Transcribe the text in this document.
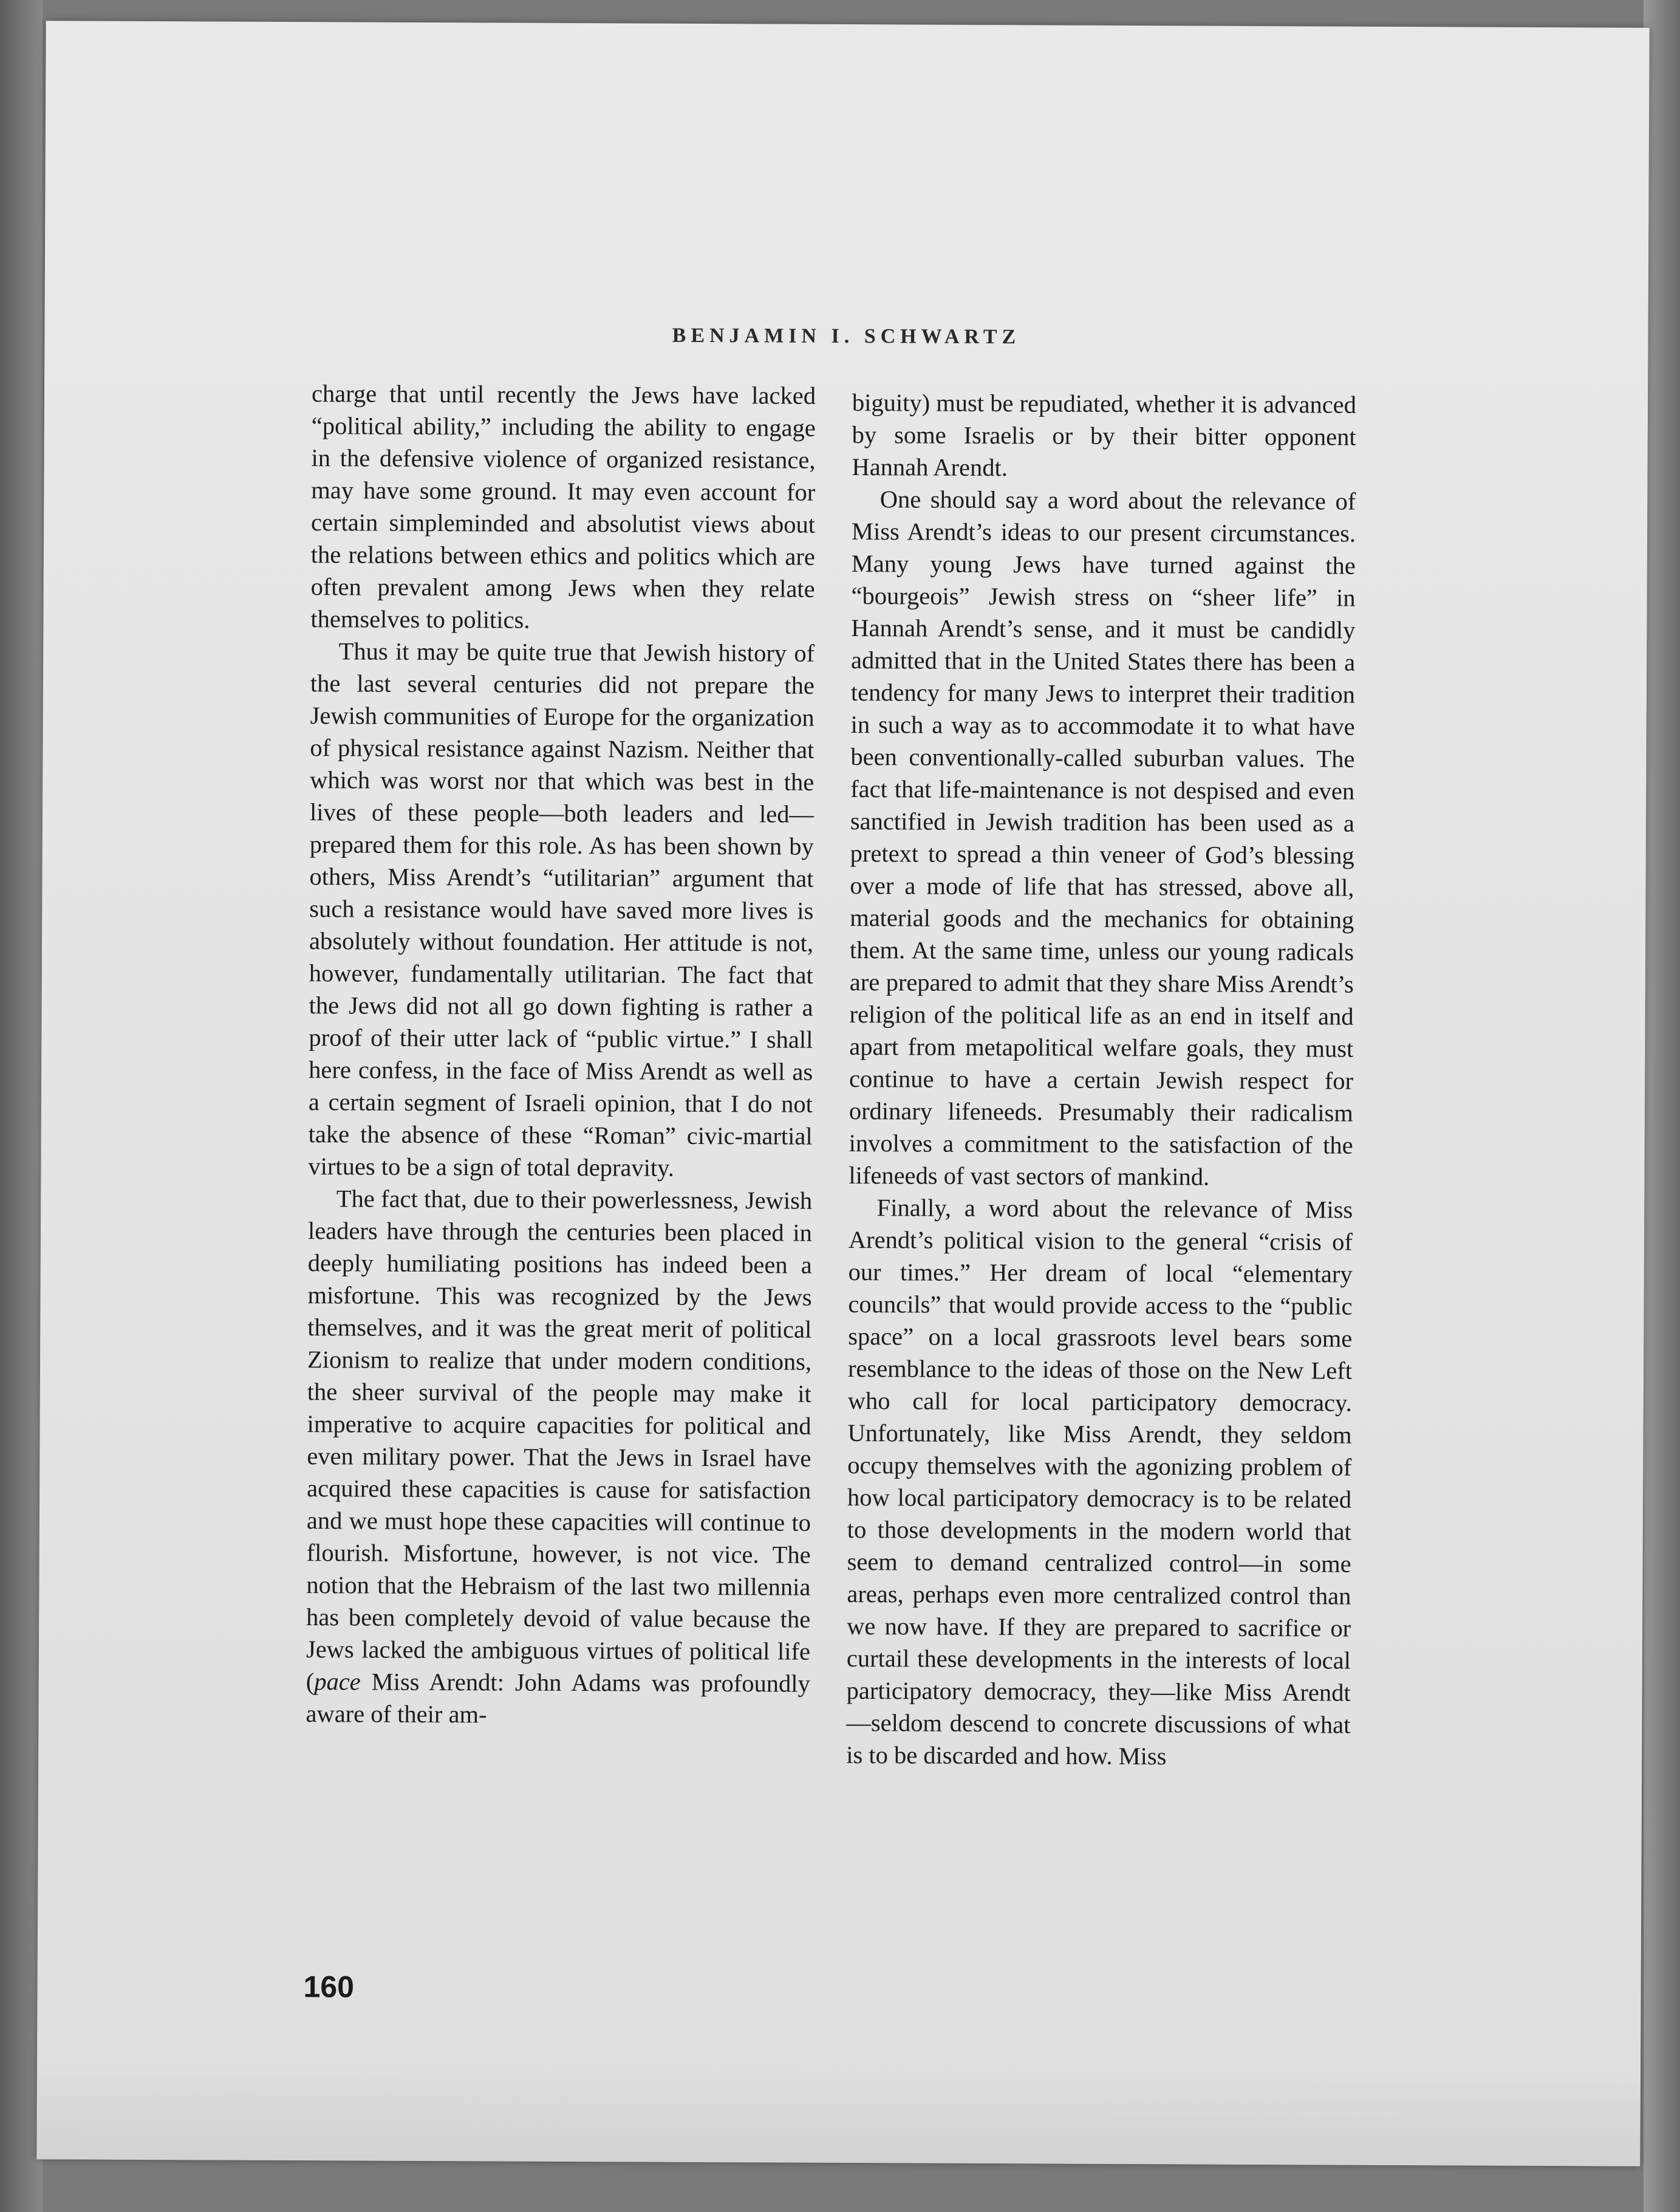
BENJAMIN I. SCHWARTZ

charge that until recently the Jews have lacked “political ability,” including the ability to engage in the defensive violence of organized resistance, may have some ground. It may even account for certain simpleminded and absolutist views about the relations between ethics and politics which are often prevalent among Jews when they relate themselves to politics.

Thus it may be quite true that Jewish history of the last several centuries did not prepare the Jewish communities of Europe for the organization of physical resistance against Nazism. Neither that which was worst nor that which was best in the lives of these people—both leaders and led—prepared them for this role. As has been shown by others, Miss Arendt’s “utilitarian” argument that such a resistance would have saved more lives is absolutely without foundation. Her attitude is not, however, fundamentally utilitarian. The fact that the Jews did not all go down fighting is rather a proof of their utter lack of “public virtue.” I shall here confess, in the face of Miss Arendt as well as a certain segment of Israeli opinion, that I do not take the absence of these “Roman” civic-martial virtues to be a sign of total depravity.

The fact that, due to their powerlessness, Jewish leaders have through the centuries been placed in deeply humiliating positions has indeed been a misfortune. This was recognized by the Jews themselves, and it was the great merit of political Zionism to realize that under modern conditions, the sheer survival of the people may make it imperative to acquire capacities for political and even military power. That the Jews in Israel have acquired these capacities is cause for satisfaction and we must hope these capacities will continue to flourish. Misfortune, however, is not vice. The notion that the Hebraism of the last two millennia has been completely devoid of value because the Jews lacked the ambiguous virtues of political life (pace Miss Arendt: John Adams was profoundly aware of their am-

biguity) must be repudiated, whether it is advanced by some Israelis or by their bitter opponent Hannah Arendt.

One should say a word about the relevance of Miss Arendt’s ideas to our present circumstances. Many young Jews have turned against the “bourgeois” Jewish stress on “sheer life” in Hannah Arendt’s sense, and it must be candidly admitted that in the United States there has been a tendency for many Jews to interpret their tradition in such a way as to accommodate it to what have been conventionally-called suburban values. The fact that life-maintenance is not despised and even sanctified in Jewish tradition has been used as a pretext to spread a thin veneer of God’s blessing over a mode of life that has stressed, above all, material goods and the mechanics for obtaining them. At the same time, unless our young radicals are prepared to admit that they share Miss Arendt’s religion of the political life as an end in itself and apart from metapolitical welfare goals, they must continue to have a certain Jewish respect for ordinary lifeneeds. Presumably their radicalism involves a commitment to the satisfaction of the lifeneeds of vast sectors of mankind.

Finally, a word about the relevance of Miss Arendt’s political vision to the general “crisis of our times.” Her dream of local “elementary councils” that would provide access to the “public space” on a local grassroots level bears some resemblance to the ideas of those on the New Left who call for local participatory democracy. Unfortunately, like Miss Arendt, they seldom occupy themselves with the agonizing problem of how local participatory democracy is to be related to those developments in the modern world that seem to demand centralized control—in some areas, perhaps even more centralized control than we now have. If they are prepared to sacrifice or curtail these developments in the interests of local participatory democracy, they—like Miss Arendt —seldom descend to concrete discussions of what is to be discarded and how. Miss

160
